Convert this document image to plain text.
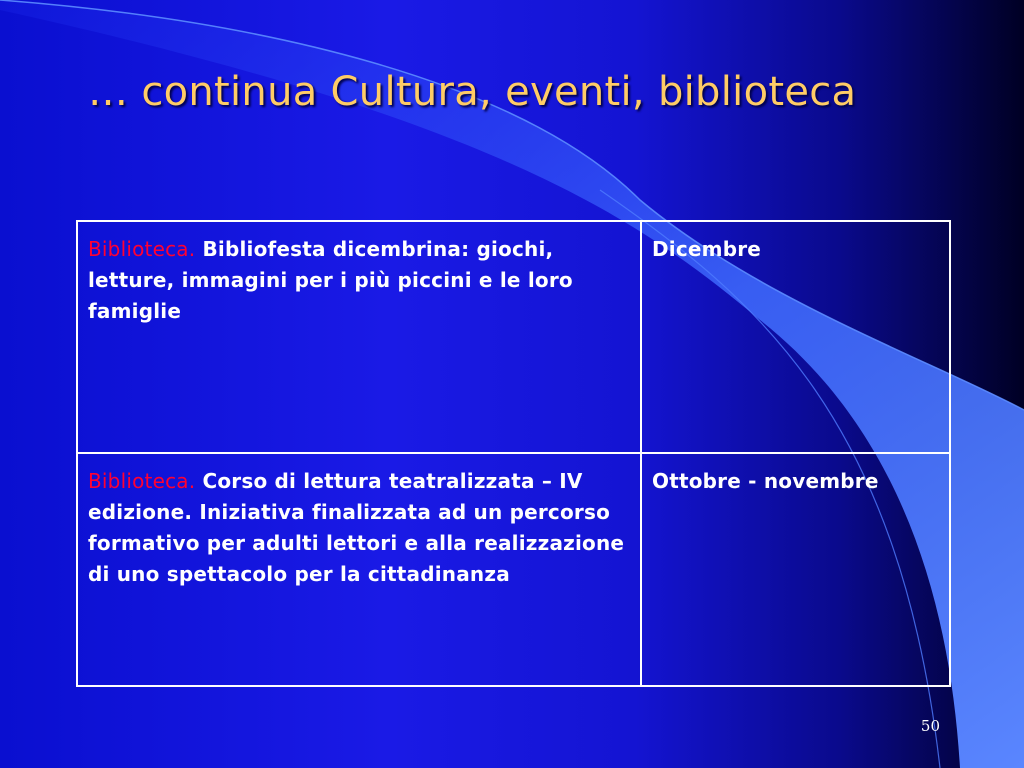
… continua Cultura, eventi, biblioteca
Biblioteca. Bibliofesta dicembrina: giochi, letture, immagini per i più piccini e le loro famiglie	Dicembre
Biblioteca. Corso di lettura teatralizzata – IV edizione. Iniziativa finalizzata ad un percorso formativo per adulti lettori e alla realizzazione di uno spettacolo per la cittadinanza	Ottobre - novembre
50
